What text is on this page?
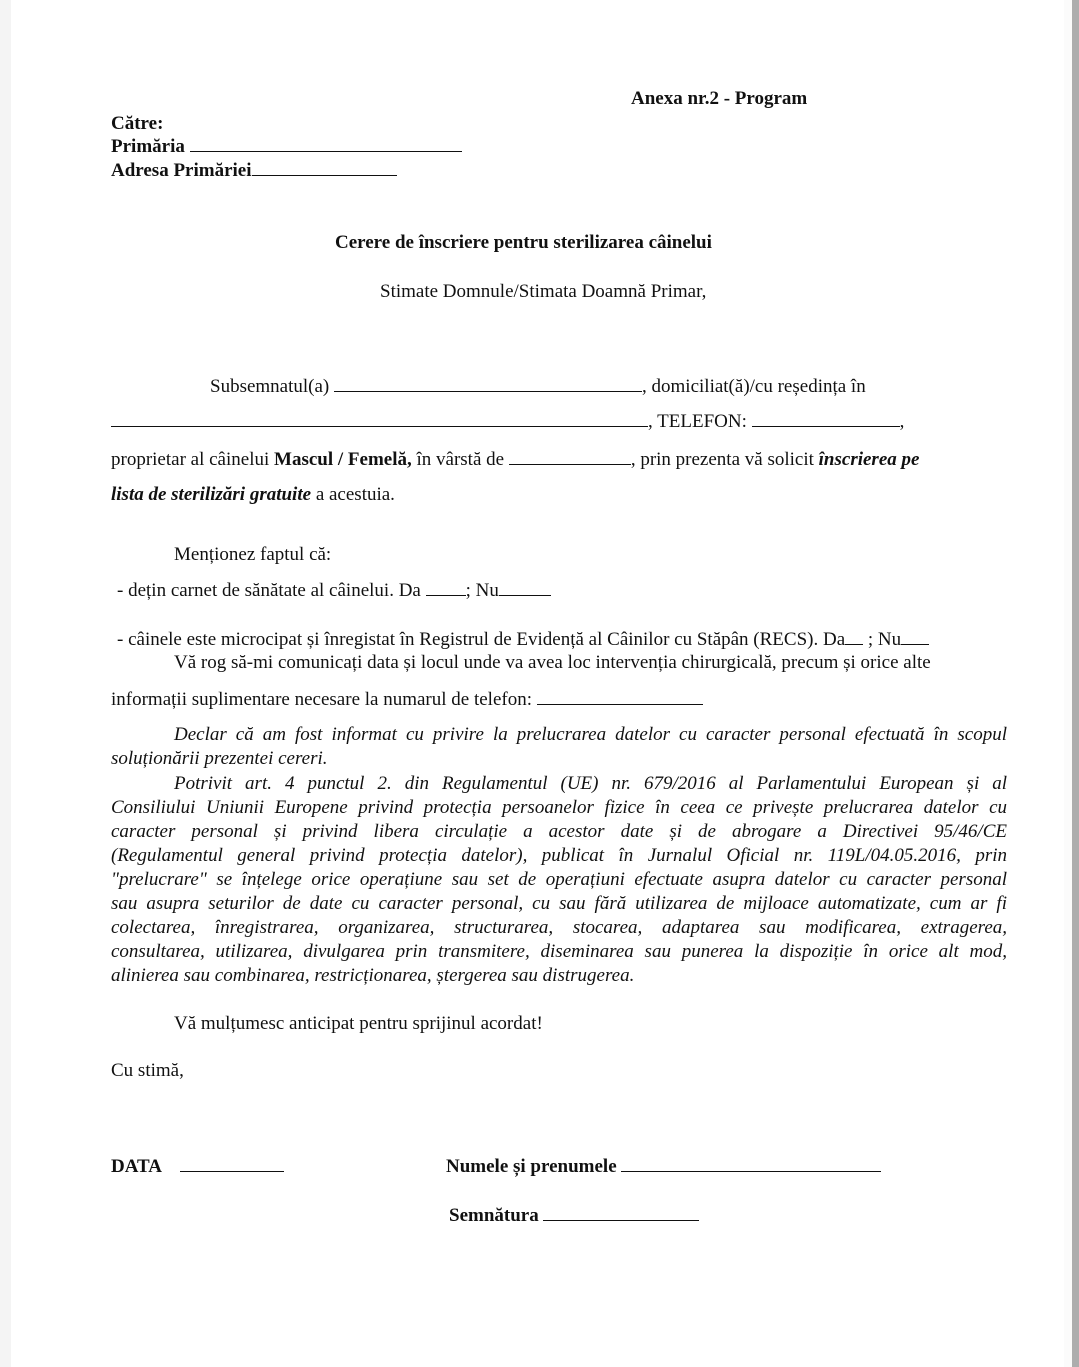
Anexa nr.2 - Program
Către:
Primăria
Adresa Primăriei
Cerere de înscriere pentru sterilizarea câinelui
Stimate Domnule/Stimata Doamnă Primar,
Subsemnatul(a)	, domiciliat(ă)/cu reședința în
, TELEFON:	,
proprietar al câinelui Mascul / Femelă, în vârstă de	, prin prezenta vă solicit înscrierea pe
lista de sterilizări gratuite a acestuia.
Menționez faptul că:
- dețin carnet de sănătate al câinelui. Da ; Nu
- câinele este microcipat și înregistat în Registrul de Evidență al Câinilor cu Stăpân (RECS). Da ; Nu
Vă rog să-mi comunicați data și locul unde va avea loc intervenția chirurgicală, precum și orice alte
informații suplimentare necesare la numarul de telefon:
Declar că am fost informat cu privire la prelucrarea datelor cu caracter personal efectuată în scopul
soluționării prezentei cereri.
Potrivit art. 4 punctul 2. din Regulamentul (UE) nr. 679/2016 al Parlamentului European și al
Consiliului Uniunii Europene privind protecția persoanelor fizice în ceea ce privește prelucrarea datelor cu
caracter personal și privind libera circulație a acestor date și de abrogare a Directivei 95/46/CE
(Regulamentul general privind protecția datelor), publicat în Jurnalul Oficial nr. 119L/04.05.2016, prin
"prelucrare" se înțelege orice operațiune sau set de operațiuni efectuate asupra datelor cu caracter personal
sau asupra seturilor de date cu caracter personal, cu sau fără utilizarea de mijloace automatizate, cum ar fi
colectarea, înregistrarea, organizarea, structurarea, stocarea, adaptarea sau modificarea, extragerea,
consultarea, utilizarea, divulgarea prin transmitere, diseminarea sau punerea la dispoziție în orice alt mod,
alinierea sau combinarea, restricționarea, ștergerea sau distrugerea.
Vă mulțumesc anticipat pentru sprijinul acordat!
Cu stimă,
DATA	Numele și prenumele
Semnătura
